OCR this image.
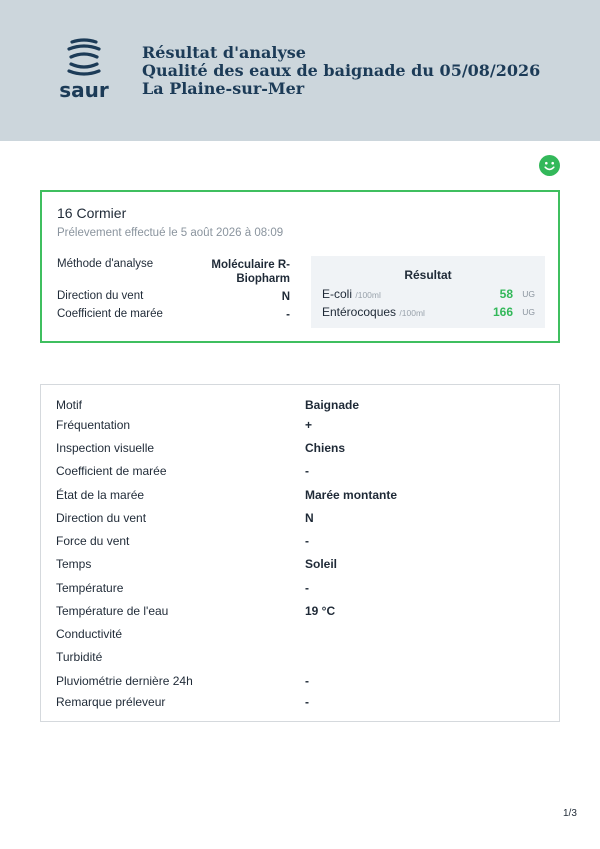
saur
Résultat d'analyse
Qualité des eaux de baignade du 05/08/2026
La Plaine-sur-Mer
16 Cormier
Prélevement effectué le 5 août 2026 à 08:09
Méthode d'analyse	Moléculaire R-
Biopharm
Direction du vent	N
Coefficient de marée	-
Résultat
E-coli /100ml	58 UG
Entérocoques /100ml	166 UG
Motif	Baignade
Fréquentation	+
Inspection visuelle	Chiens
Coefficient de marée	-
État de la marée	Marée montante
Direction du vent	N
Force du vent	-
Temps	Soleil
Température	-
Température de l'eau	19 °C
Conductivité
Turbidité
Pluviométrie dernière 24h	-
Remarque préleveur	-
1/3
